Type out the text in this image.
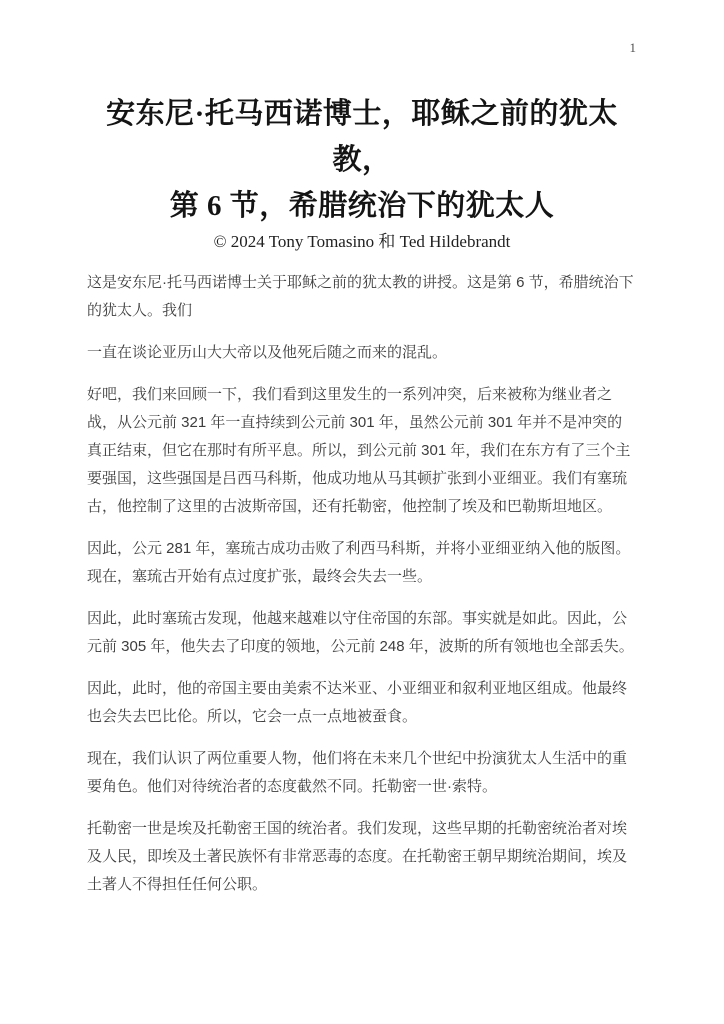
1
安东尼·托马西诺博士，耶稣之前的犹太教，
第 6 节，希腊统治下的犹太人
© 2024 Tony Tomasino 和 Ted Hildebrandt

这是安东尼·托马西诺博士关于耶稣之前的犹太教的讲授。这是第 6 节，希腊统治下的犹太人。我们

一直在谈论亚历山大大帝以及他死后随之而来的混乱。

好吧，我们来回顾一下，我们看到这里发生的一系列冲突，后来被称为继业者之战，从公元前 321 年一直持续到公元前 301 年，虽然公元前 301 年并不是冲突的真正结束，但它在那时有所平息。所以，到公元前 301 年，我们在东方有了三个主要强国，这些强国是吕西马科斯，他成功地从马其顿扩张到小亚细亚。我们有塞琉古，他控制了这里的古波斯帝国，还有托勒密，他控制了埃及和巴勒斯坦地区。

因此，公元 281 年，塞琉古成功击败了利西马科斯，并将小亚细亚纳入他的版图。现在，塞琉古开始有点过度扩张，最终会失去一些。

因此，此时塞琉古发现，他越来越难以守住帝国的东部。事实就是如此。因此，公元前 305 年，他失去了印度的领地，公元前 248 年，波斯的所有领地也全部丢失。

因此，此时，他的帝国主要由美索不达米亚、小亚细亚和叙利亚地区组成。他最终也会失去巴比伦。所以，它会一点一点地被蚕食。

现在，我们认识了两位重要人物，他们将在未来几个世纪中扮演犹太人生活中的重要角色。他们对待统治者的态度截然不同。托勒密一世·索特。

托勒密一世是埃及托勒密王国的统治者。我们发现，这些早期的托勒密统治者对埃及人民，即埃及土著民族怀有非常恶毒的态度。在托勒密王朝早期统治期间，埃及土著人不得担任任何公职。
